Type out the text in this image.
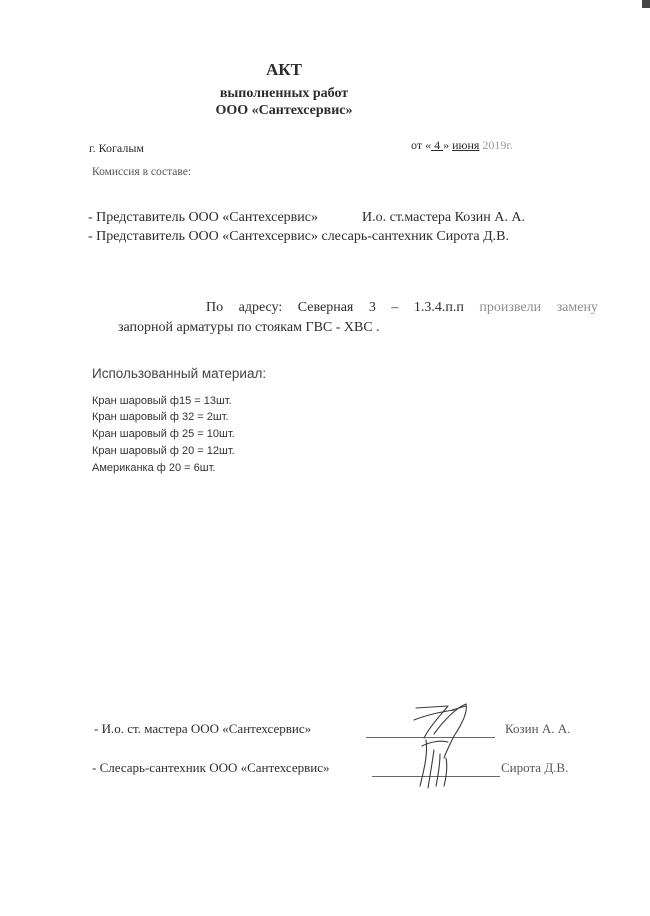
АКТ
выполненных работ
ООО «Сантехсервис»
г. Когалым	от « 4 » июня 2019г.
Комиссия в составе:
- Представитель ООО «Сантехсервис»	И.о. ст.мастера Козин А. А.
- Представитель ООО «Сантехсервис» слесарь-сантехник Сирота Д.В.
По адресу: Северная 3 – 1.3.4.п.п произвели замену
запорной арматуры по стоякам ГВС - ХВС .
Использованный материал:
Кран шаровый ф15 = 13шт.
Кран шаровый ф 32 = 2шт.
Кран шаровый ф 25 = 10шт.
Кран шаровый ф 20 = 12шт.
Американка ф 20 = 6шт.
- И.о. ст. мастера ООО «Сантехсервис»	Козин А. А.
- Слесарь-сантехник ООО «Сантехсервис»	Сирота Д.В.
